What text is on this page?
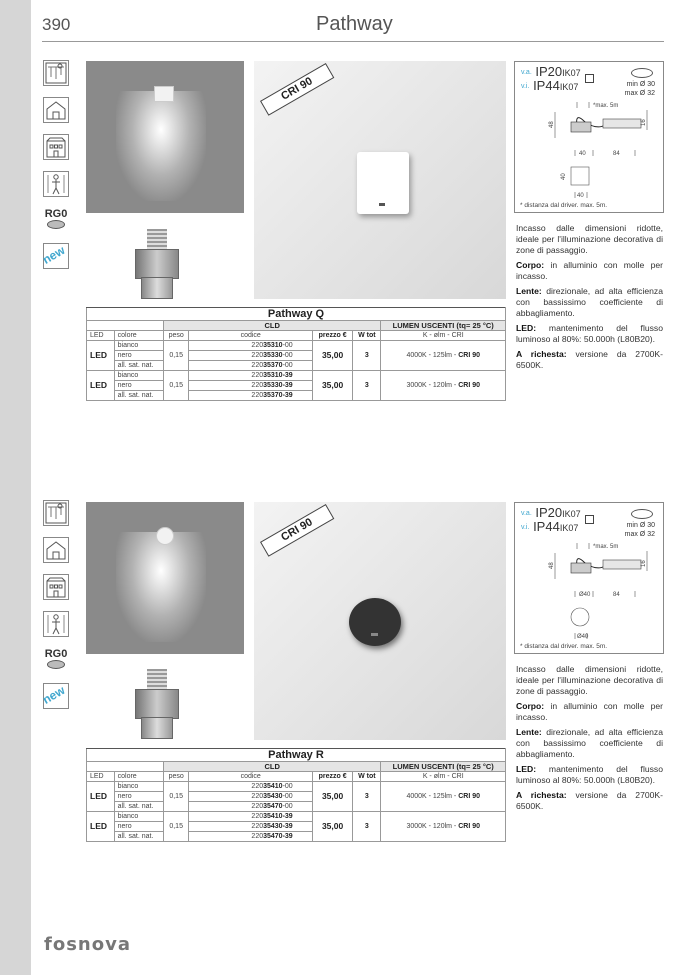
390	Pathway
RG0
new
CRI 90
v.a. IP20IK07
v.i. IP44IK07	min Ø 30
max Ø 32
*max. 5m
48	16
40	84
40
40
* distanza dal driver. max. 5m.

Incasso dalle dimensioni ridotte, ideale per l'illuminazione decorativa di zone di passaggio.

Corpo: in alluminio con molle per incasso.

Lente: direzionale, ad alta efficienza con bassissimo coefficiente di abbagliamento.

LED: mantenimento del flusso luminoso al 80%: 50.000h (L80B20).

A richesta: versione da 2700K-6500K.

Pathway Q						
		CLD				LUMEN USCENTI (tq= 25 °C)
LED	colore	peso	codice	prezzo €	W tot	K - ølm - CRI
LED	bianco	0,15	22035310-00	35,00	3	4000K - 125lm - CRI 90
	nero		22035330-00			
	all. sat. nat.		22035370-00			
LED	bianco	0,15	22035310-39	35,00	3	3000K - 120lm - CRI 90
	nero		22035330-39			
	all. sat. nat.		22035370-39			
RG0
new
CRI 90
v.a. IP20IK07
v.i. IP44IK07	min Ø 30
max Ø 32
*max. 5m
48	16
Ø40	84
Ø40
* distanza dal driver. max. 5m.

Incasso dalle dimensioni ridotte, ideale per l'illuminazione decorativa di zone di passaggio.

Corpo: in alluminio con molle per incasso.

Lente: direzionale, ad alta efficienza con bassissimo coefficiente di abbagliamento.

LED: mantenimento del flusso luminoso al 80%: 50.000h (L80B20).

A richesta: versione da 2700K-6500K.

Pathway R						
		CLD				LUMEN USCENTI (tq= 25 °C)
LED	colore	peso	codice	prezzo €	W tot	K - ølm - CRI
LED	bianco	0,15	22035410-00	35,00	3	4000K - 125lm - CRI 90
	nero		22035430-00			
	all. sat. nat.		22035470-00			
LED	bianco	0,15	22035410-39	35,00	3	3000K - 120lm - CRI 90
	nero		22035430-39			
	all. sat. nat.		22035470-39			
fosnova
